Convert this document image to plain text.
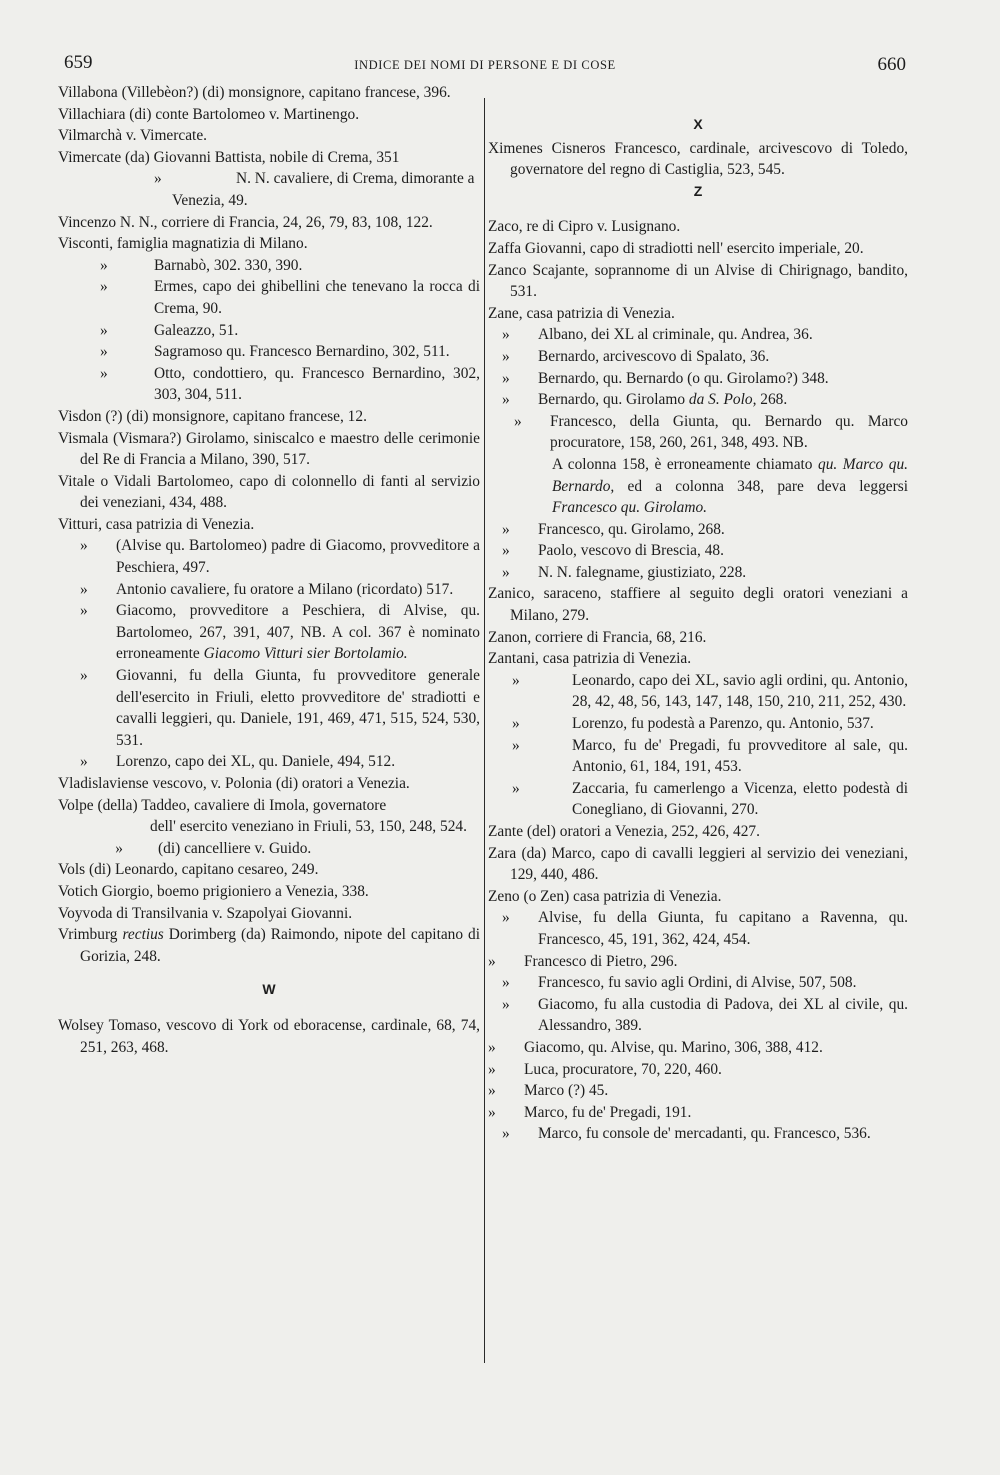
659	INDICE DEI NOMI DI PERSONE E DI COSE	660

Villabona (Villebèon?) (di) monsignore, capitano francese, 396.

Villachiara (di) conte Bartolomeo v. Martinengo.

Vilmarchà v. Vimercate.

Vimercate (da) Giovanni Battista, nobile di Crema, 351

»	N. N. cavaliere, di Crema, dimorante a

Venezia, 49.

Vincenzo N. N., corriere di Francia, 24, 26, 79, 83, 108, 122.

Visconti, famiglia magnatizia di Milano.

»	Barnabò, 302. 330, 390.

»	Ermes, capo dei ghibellini che tenevano la rocca di Crema, 90.

»	Galeazzo, 51.

»	Sagramoso qu. Francesco Bernardino, 302, 511.

»	Otto, condottiero, qu. Francesco Bernardino, 302, 303, 304, 511.

Visdon (?) (di) monsignore, capitano francese, 12.

Vismala (Vismara?) Girolamo, siniscalco e maestro delle cerimonie del Re di Francia a Milano, 390, 517.

Vitale o Vidali Bartolomeo, capo di colonnello di fanti al servizio dei veneziani, 434, 488.

Vitturi, casa patrizia di Venezia.

» (Alvise qu. Bartolomeo) padre di Giacomo, provveditore a Peschiera, 497.

» Antonio cavaliere, fu oratore a Milano (ricordato) 517.

» Giacomo, provveditore a Peschiera, di Alvise, qu. Bartolomeo, 267, 391, 407, NB. A col. 367 è nominato erroneamente Giacomo Vitturi sier Bortolamio.

» Giovanni, fu della Giunta, fu provveditore generale dell'esercito in Friuli, eletto provveditore de' stradiotti e cavalli leggieri, qu. Daniele, 191, 469, 471, 515, 524, 530, 531.

» Lorenzo, capo dei XL, qu. Daniele, 494, 512.

Vladislaviense vescovo, v. Polonia (di) oratori a Venezia.

Volpe (della) Taddeo, cavaliere di Imola, governatore

dell' esercito veneziano in Friuli, 53, 150, 248, 524.

» (di) cancelliere v. Guido.

Vols (di) Leonardo, capitano cesareo, 249.

Votich Giorgio, boemo prigioniero a Venezia, 338.

Voyvoda di Transilvania v. Szapolyai Giovanni.

Vrimburg rectius Dorimberg (da) Raimondo, nipote del capitano di Gorizia, 248.

W

Wolsey Tomaso, vescovo di York od eboracense, cardinale, 68, 74, 251, 263, 468.

X

Ximenes Cisneros Francesco, cardinale, arcivescovo di Toledo, governatore del regno di Castiglia, 523, 545.

Z

Zaco, re di Cipro v. Lusignano.

Zaffa Giovanni, capo di stradiotti nell' esercito imperiale, 20.

Zanco Scajante, soprannome di un Alvise di Chirignago, bandito, 531.

Zane, casa patrizia di Venezia.

» Albano, dei XL al criminale, qu. Andrea, 36.

» Bernardo, arcivescovo di Spalato, 36.

» Bernardo, qu. Bernardo (o qu. Girolamo?) 348.

» Bernardo, qu. Girolamo da S. Polo, 268.

» Francesco, della Giunta, qu. Bernardo qu. Marco procuratore, 158, 260, 261, 348, 493. NB.

A colonna 158, è erroneamente chiamato qu. Marco qu. Bernardo, ed a colonna 348, pare deva leggersi Francesco qu. Girolamo.

» Francesco, qu. Girolamo, 268.

» Paolo, vescovo di Brescia, 48.

» N. N. falegname, giustiziato, 228.

Zanico, saraceno, staffiere al seguito degli oratori veneziani a Milano, 279.

Zanon, corriere di Francia, 68, 216.

Zantani, casa patrizia di Venezia.

»	Leonardo, capo dei XL, savio agli ordini, qu. Antonio, 28, 42, 48, 56, 143, 147, 148, 150, 210, 211, 252, 430.

»	Lorenzo, fu podestà a Parenzo, qu. Antonio, 537.

»	Marco, fu de' Pregadi, fu provveditore al sale, qu. Antonio, 61, 184, 191, 453.

»	Zaccaria, fu camerlengo a Vicenza, eletto podestà di Conegliano, di Giovanni, 270.

Zante (del) oratori a Venezia, 252, 426, 427.

Zara (da) Marco, capo di cavalli leggieri al servizio dei veneziani, 129, 440, 486.

Zeno (o Zen) casa patrizia di Venezia.

» Alvise, fu della Giunta, fu capitano a Ravenna, qu. Francesco, 45, 191, 362, 424, 454.

» Francesco di Pietro, 296.

» Francesco, fu savio agli Ordini, di Alvise, 507, 508.

» Giacomo, fu alla custodia di Padova, dei XL al civile, qu. Alessandro, 389.

» Giacomo, qu. Alvise, qu. Marino, 306, 388, 412.

» Luca, procuratore, 70, 220, 460.

» Marco (?) 45.

» Marco, fu de' Pregadi, 191.

» Marco, fu console de' mercadanti, qu. Francesco, 536.
